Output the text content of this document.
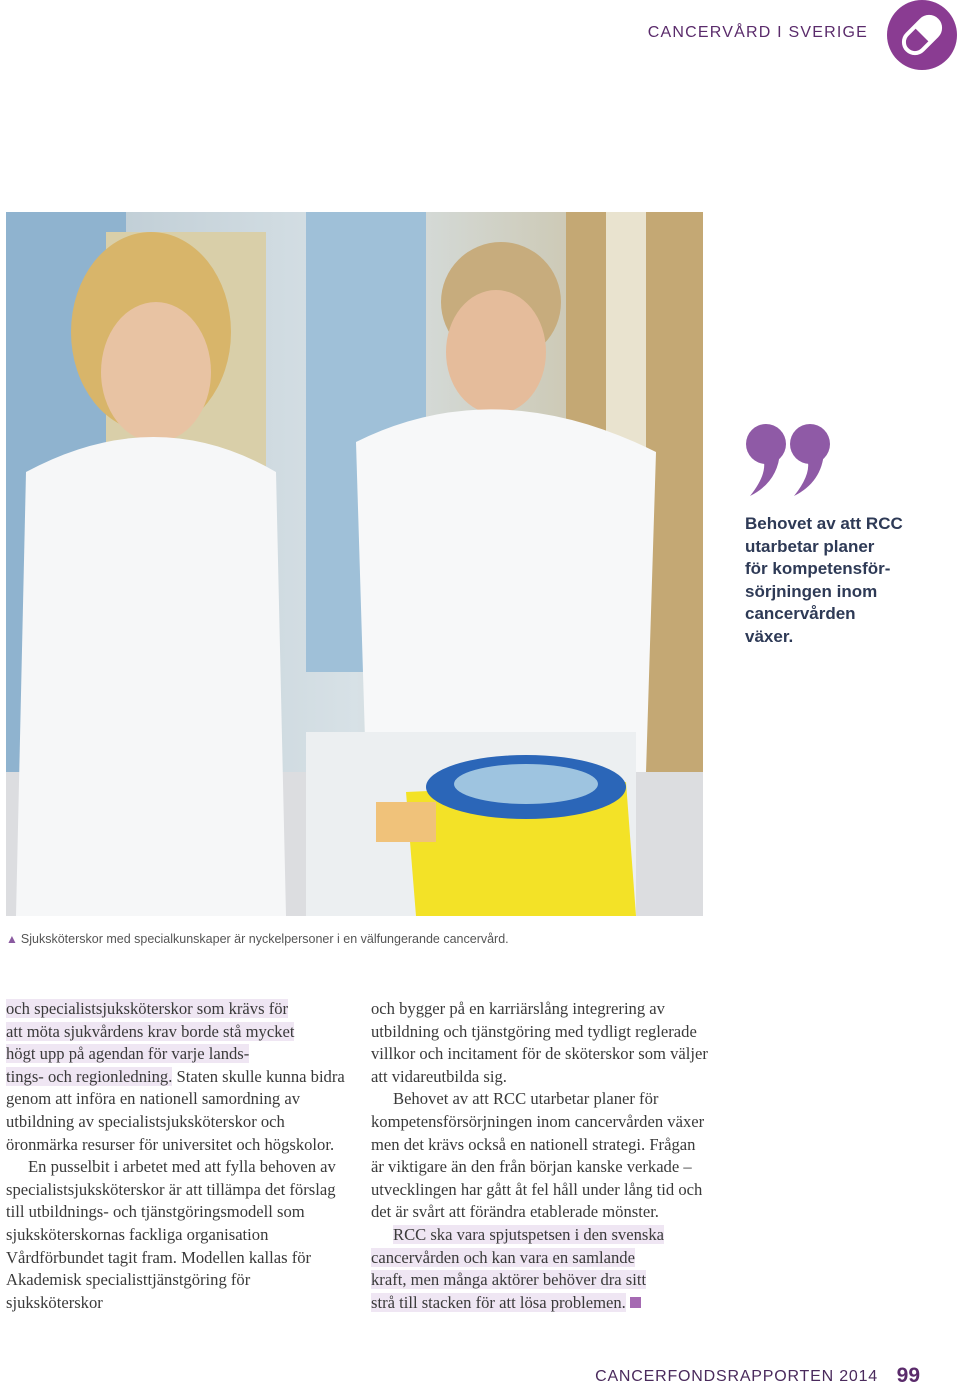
CANCERVÅRD I SVERIGE
Behovet av att RCC
utarbetar planer
för kompetensför-
sörjningen inom
cancervården
växer.
▲ Sjuksköterskor med specialkunskaper är nyckelpersoner i en välfungerande cancervård.

och specialistsjuksköterskor som krävs för
att möta sjukvårdens krav borde stå mycket
högt upp på agendan för varje lands-
tings- och regionledning. Staten skulle kunna bidra genom att införa en nationell samordning av utbildning av specialistsjuksköterskor och öronmärka resurser för universitet och högskolor.

En pusselbit i arbetet med att fylla behoven av specialistsjuksköterskor är att tillämpa det förslag till utbildnings- och tjänstgöringsmodell som sjuksköterskornas fackliga organisation Vårdförbundet tagit fram. Modellen kallas för Akademisk specialisttjänstgöring för sjuksköterskor

och bygger på en karriärslång integrering av utbildning och tjänstgöring med tydligt reglerade villkor och incitament för de sköterskor som väljer att vidareutbilda sig.

Behovet av att RCC utarbetar planer för kompetensförsörjningen inom cancervården växer men det krävs också en nationell strategi. Frågan är viktigare än den från början kanske verkade – utvecklingen har gått åt fel håll under lång tid och det är svårt att förändra etablerade mönster.

RCC ska vara spjutspetsen i den svenska
cancervården och kan vara en samlande
kraft, men många aktörer behöver dra sitt
strå till stacken för att lösa problemen.

CANCERFONDSRAPPORTEN 2014 99
